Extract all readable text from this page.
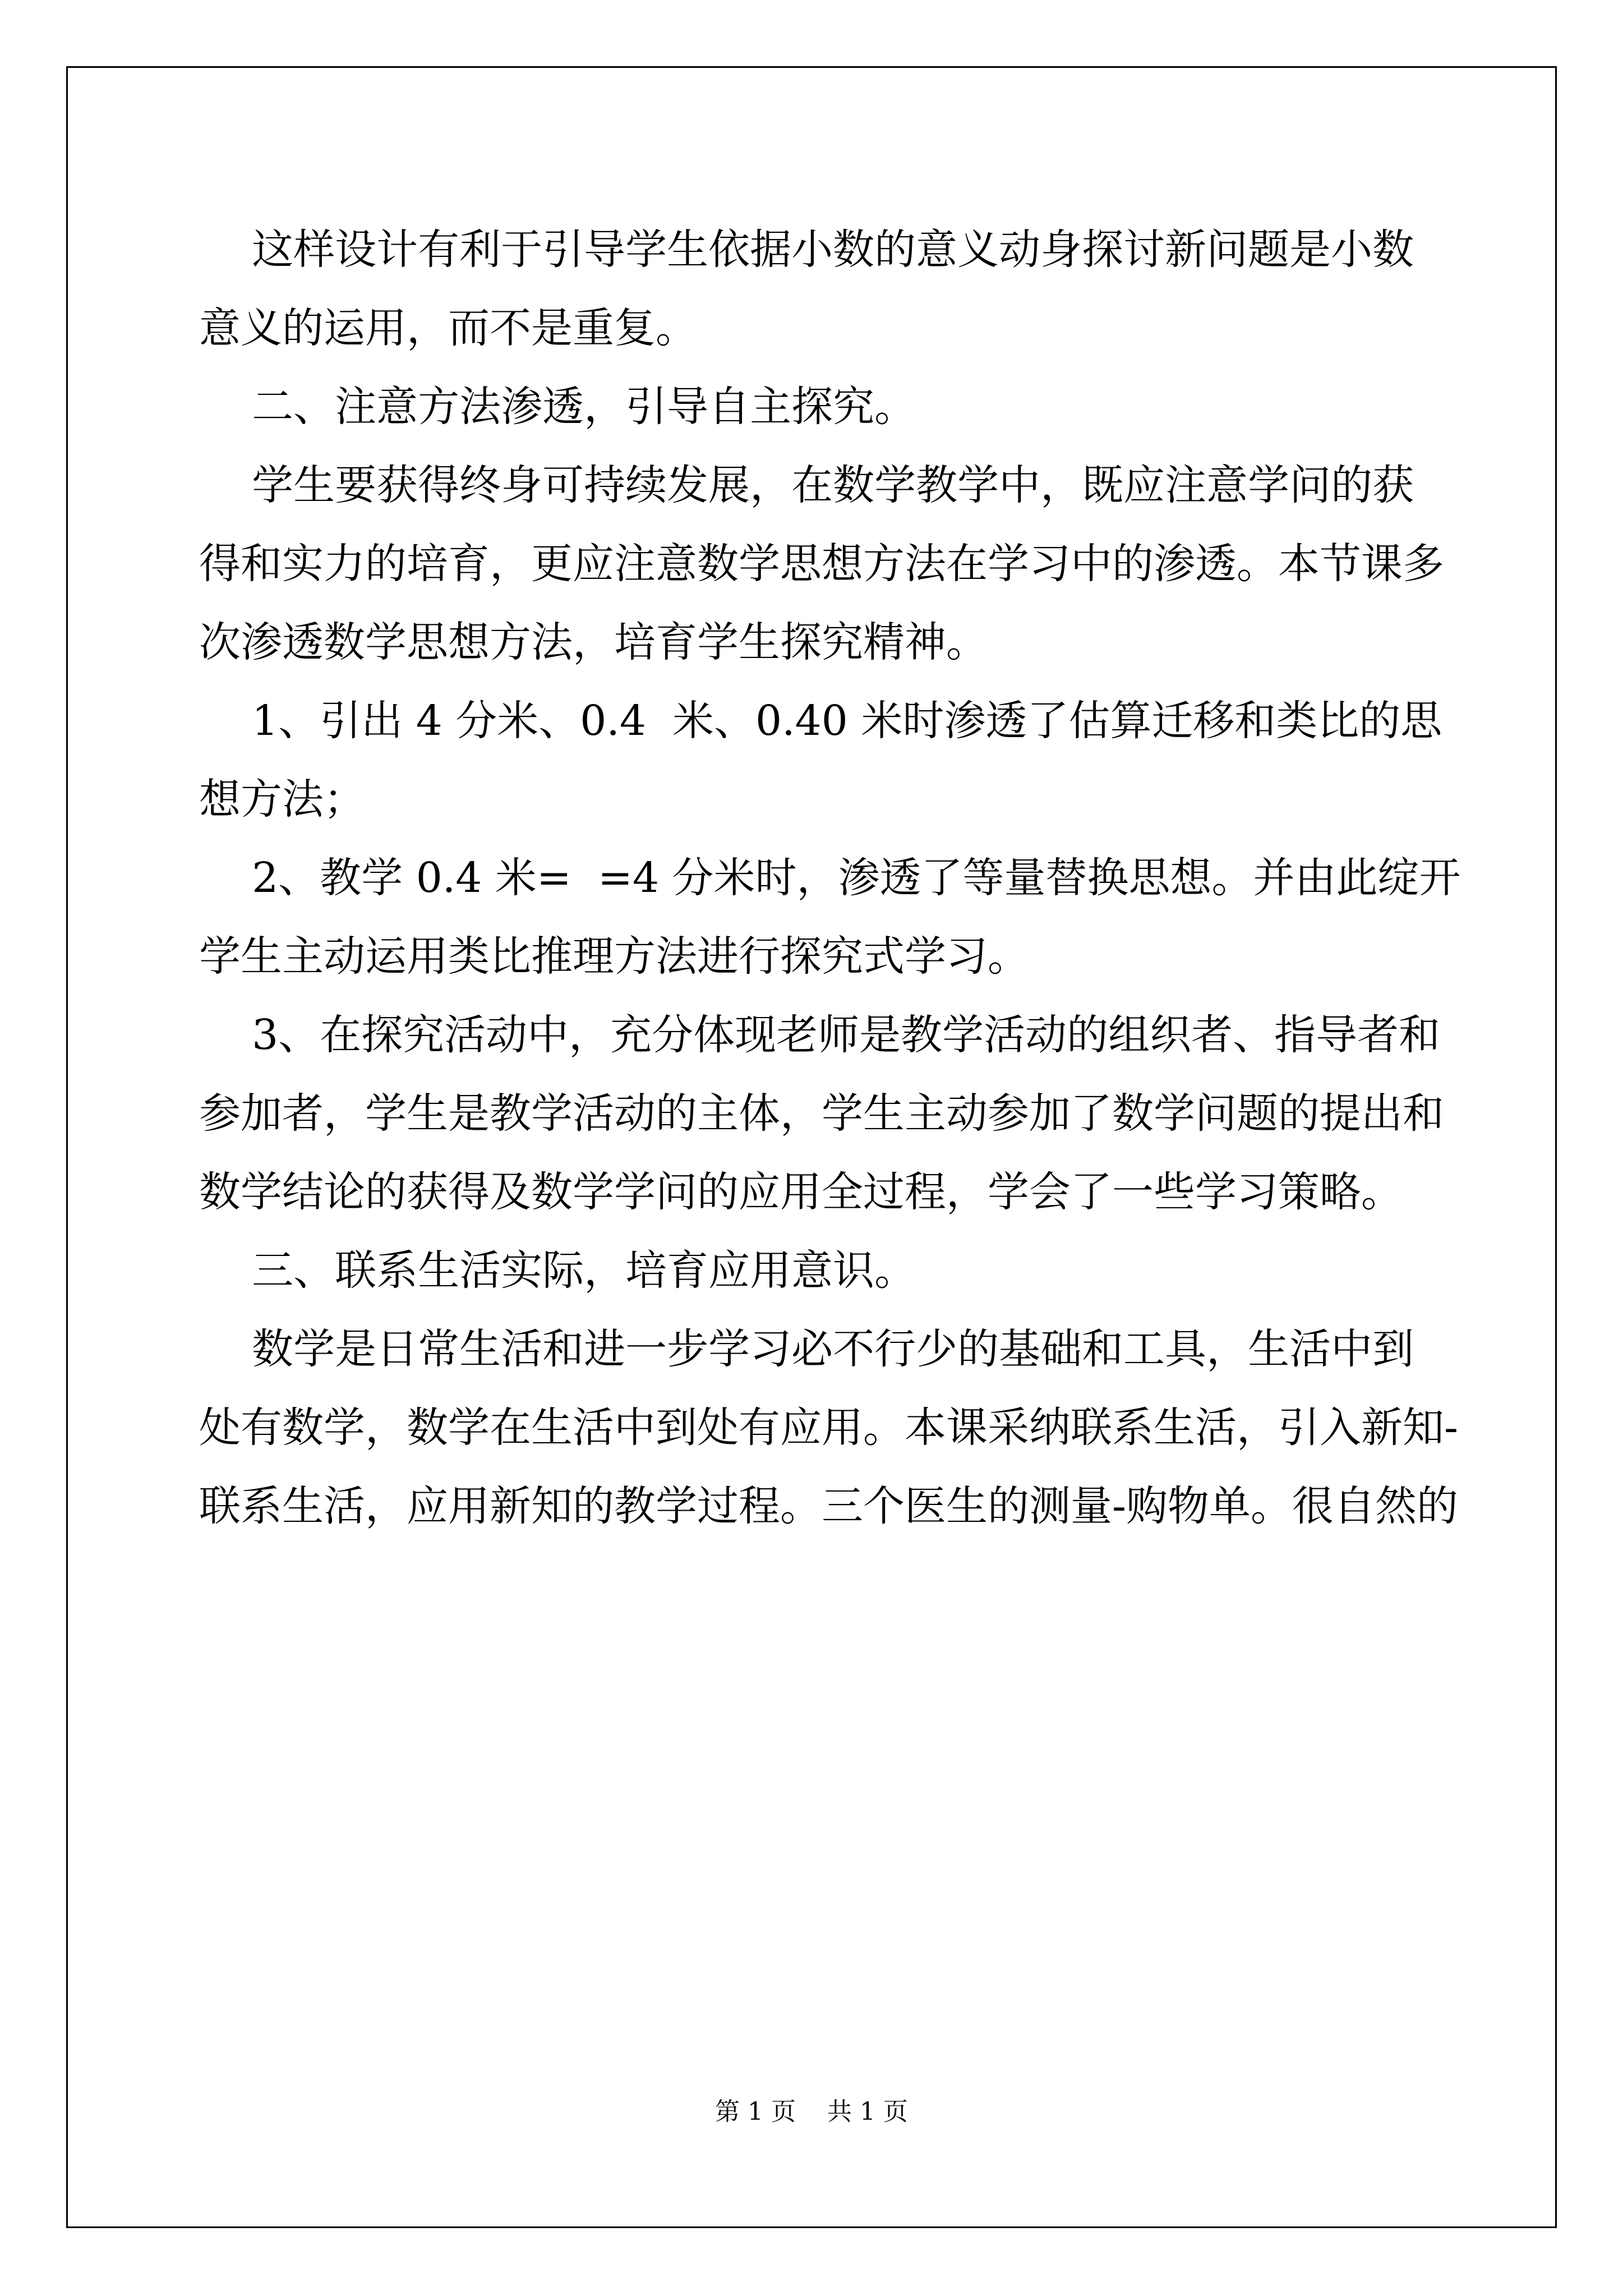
这样设计有利于引导学生依据小数的意义动身探讨新问题是小数
意义的运用，而不是重复。
二、注意方法渗透，引导自主探究。
学生要获得终身可持续发展，在数学教学中，既应注意学问的获
得和实力的培育，更应注意数学思想方法在学习中的渗透。本节课多
次渗透数学思想方法，培育学生探究精神。
1、引出 4 分米、0.4  米、0.40 米时渗透了估算迁移和类比的思
想方法；
2、教学 0.4 米=  =4 分米时，渗透了等量替换思想。并由此绽开
学生主动运用类比推理方法进行探究式学习。
3、在探究活动中，充分体现老师是教学活动的组织者、指导者和
参加者，学生是教学活动的主体，学生主动参加了数学问题的提出和
数学结论的获得及数学学问的应用全过程，学会了一些学习策略。
三、联系生活实际，培育应用意识。
数学是日常生活和进一步学习必不行少的基础和工具，生活中到
处有数学，数学在生活中到处有应用。本课采纳联系生活，引入新知-
联系生活，应用新知的教学过程。三个医生的测量-购物单。很自然的
第 1 页    共 1 页
